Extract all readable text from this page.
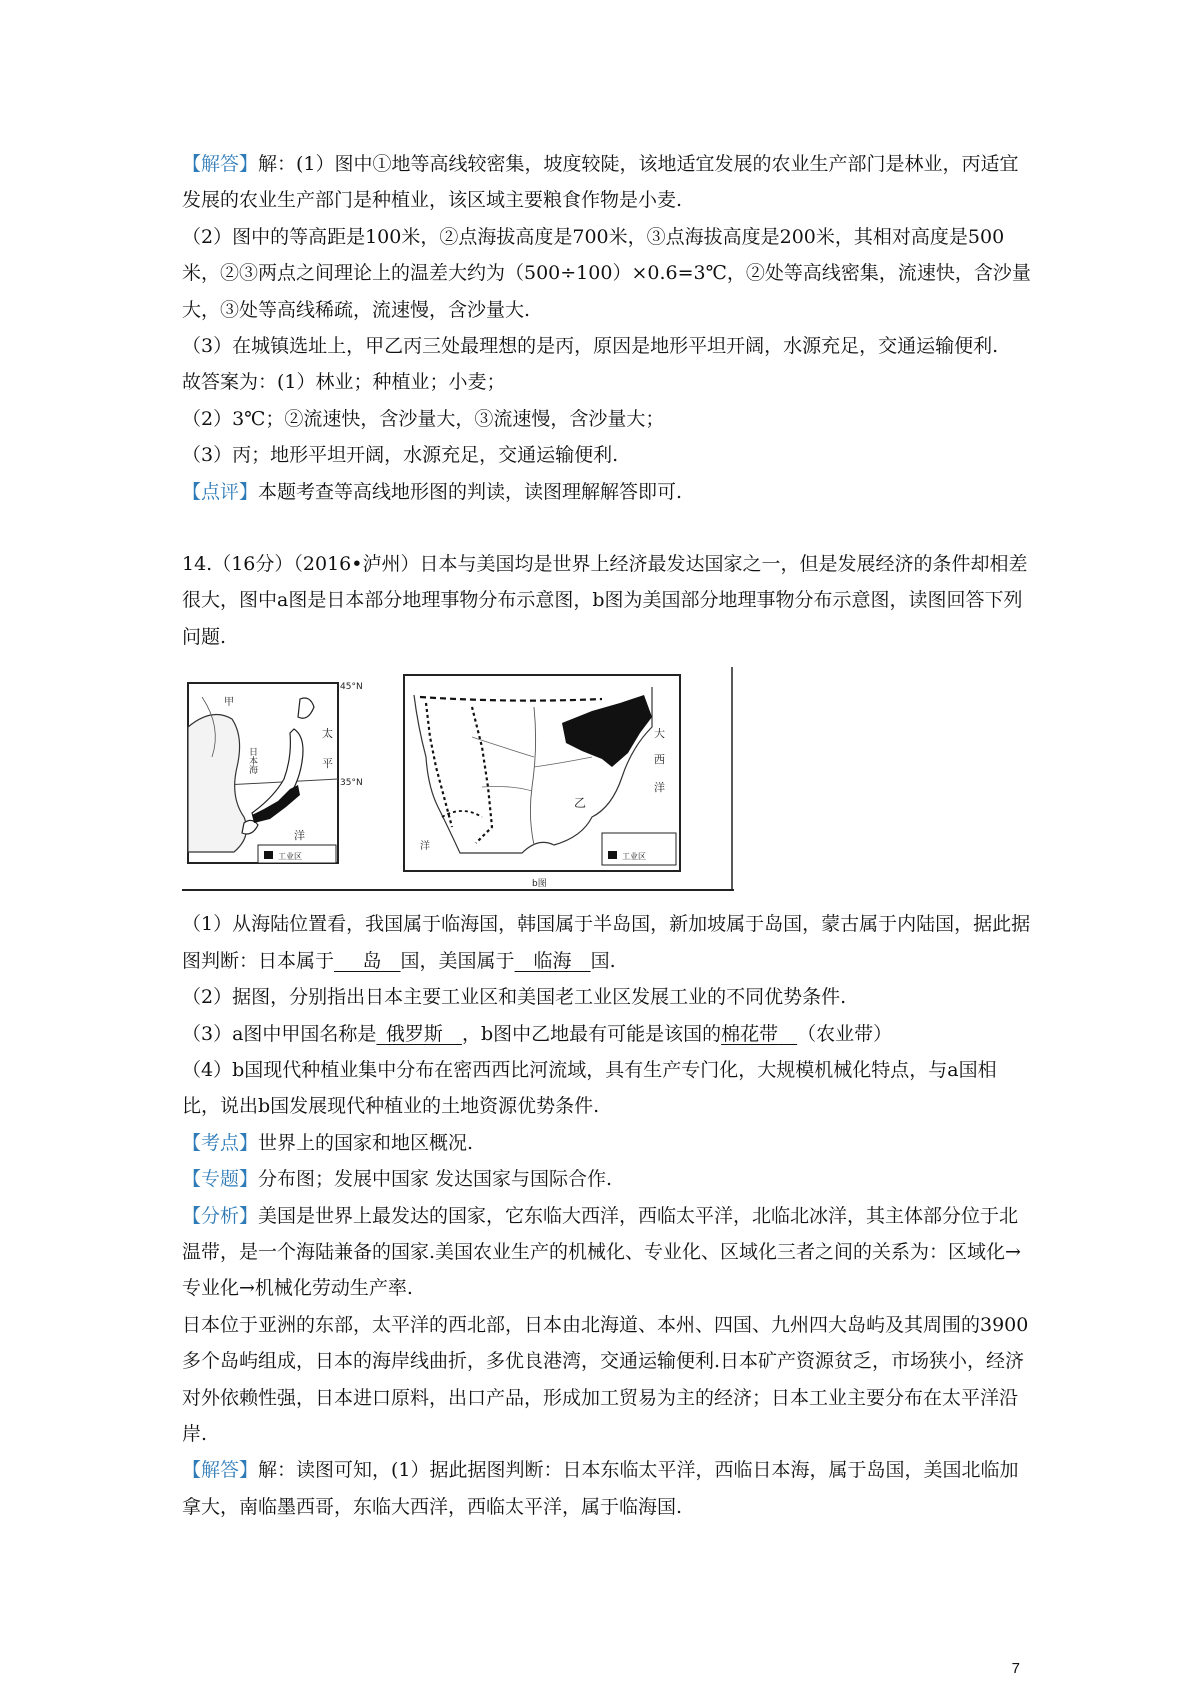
【解答】解：(1）图中①地等高线较密集，坡度较陡，该地适宜发展的农业生产部门是林业，丙适宜发展的农业生产部门是种植业，该区域主要粮食作物是小麦.

（2）图中的等高距是100米，②点海拔高度是700米，③点海拔高度是200米，其相对高度是500米，②③两点之间理论上的温差大约为（500÷100）×0.6=3℃，②处等高线密集，流速快，含沙量大，③处等高线稀疏，流速慢，含沙量大.

（3）在城镇选址上，甲乙丙三处最理想的是丙，原因是地形平坦开阔，水源充足，交通运输便利.

故答案为：(1）林业；种植业；小麦；

（2）3℃；②流速快，含沙量大，③流速慢，含沙量大；

（3）丙；地形平坦开阔，水源充足，交通运输便利.

【点评】本题考查等高线地形图的判读，读图理解解答即可.

14.（16分）（2016•泸州）日本与美国均是世界上经济最发达国家之一，但是发展经济的条件却相差很大，图中a图是日本部分地理事物分布示意图，b图为美国部分地理事物分布示意图，读图回答下列问题.

45°N
35°N
甲
日本海
太
平
洋
工业区
大
西
洋
乙
洋
工业区
b图

（1）从海陆位置看，我国属于临海国，韩国属于半岛国，新加坡属于岛国，蒙古属于内陆国，据此据图判断：日本属于   岛  国，美国属于  临海  国.

（2）据图，分别指出日本主要工业区和美国老工业区发展工业的不同优势条件.

（3）a图中甲国名称是  俄罗斯  ，b图中乙地最有可能是该国的棉花带  （农业带）

（4）b国现代种植业集中分布在密西西比河流域，具有生产专门化，大规模机械化特点，与a国相比，说出b国发展现代种植业的土地资源优势条件.

【考点】世界上的国家和地区概况.

【专题】分布图；发展中国家 发达国家与国际合作.

【分析】美国是世界上最发达的国家，它东临大西洋，西临太平洋，北临北冰洋，其主体部分位于北温带，是一个海陆兼备的国家.美国农业生产的机械化、专业化、区域化三者之间的关系为：区域化→专业化→机械化劳动生产率.

日本位于亚洲的东部，太平洋的西北部，日本由北海道、本州、四国、九州四大岛屿及其周围的3900多个岛屿组成，日本的海岸线曲折，多优良港湾，交通运输便利.日本矿产资源贫乏，市场狭小，经济对外依赖性强，日本进口原料，出口产品，形成加工贸易为主的经济；日本工业主要分布在太平洋沿岸.

【解答】解：读图可知，(1）据此据图判断：日本东临太平洋，西临日本海，属于岛国，美国北临加拿大，南临墨西哥，东临大西洋，西临太平洋，属于临海国.

7
